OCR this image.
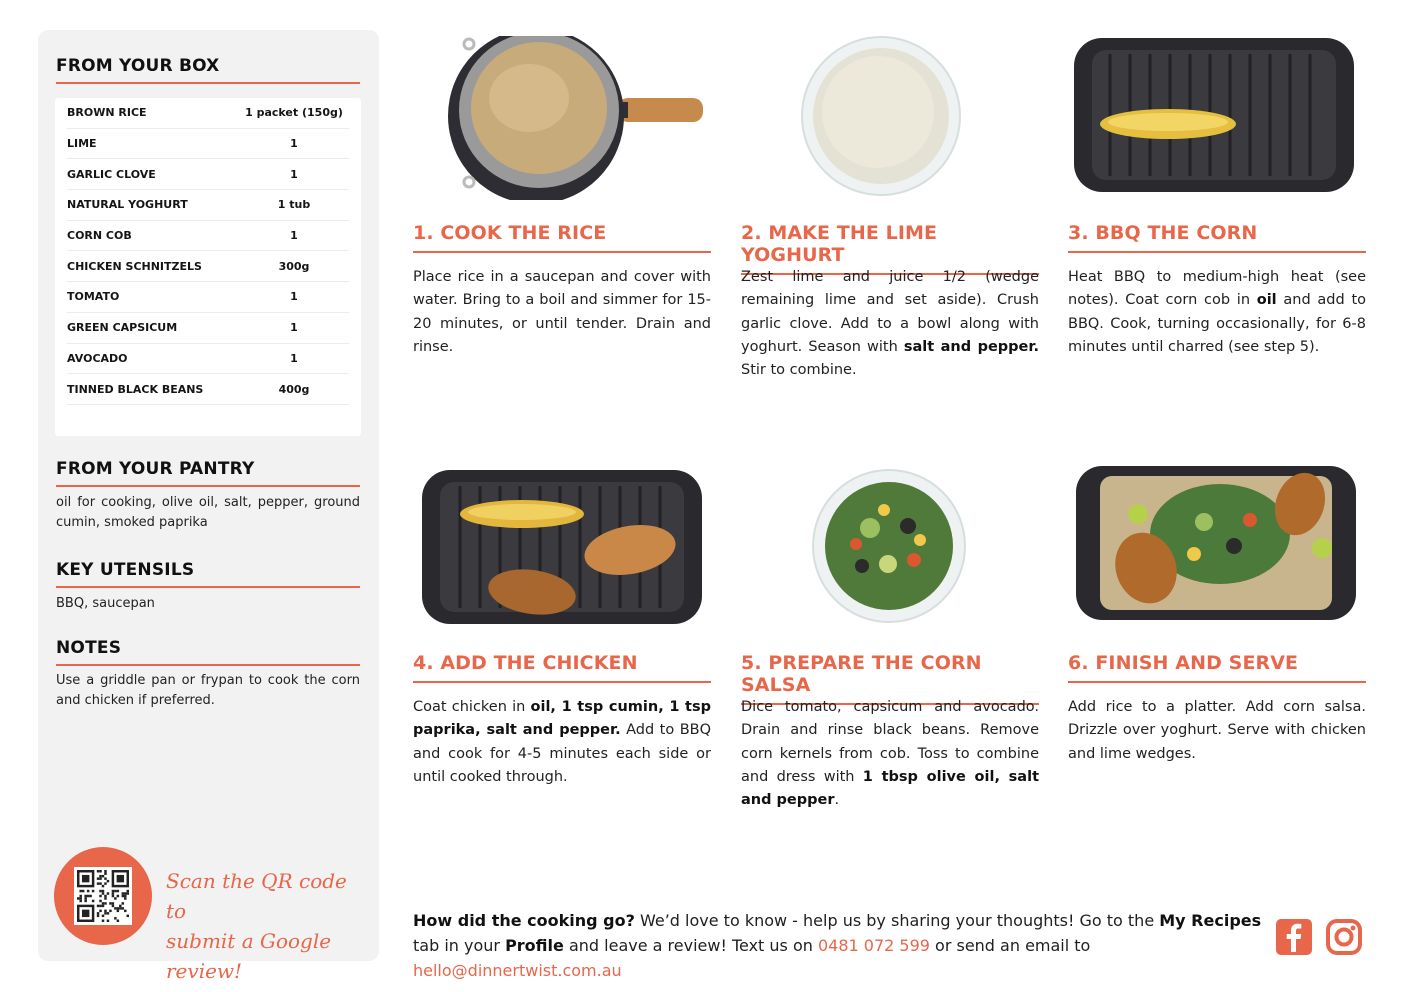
FROM YOUR BOX
BROWN RICE	1 packet (150g)
LIME	1
GARLIC CLOVE	1
NATURAL YOGHURT	1 tub
CORN COB	1
CHICKEN SCHNITZELS	300g
TOMATO	1
GREEN CAPSICUM	1
AVOCADO	1
TINNED BLACK BEANS	400g
FROM YOUR PANTRY
oil for cooking, olive oil, salt, pepper, ground cumin, smoked paprika
KEY UTENSILS
BBQ, saucepan
NOTES
Use a griddle pan or frypan to cook the corn and chicken if preferred.
Scan the QR code to
submit a Google review!
1. COOK THE RICE
Place rice in a saucepan and cover with water. Bring to a boil and simmer for 15-20 minutes, or until tender. Drain and rinse.
2. MAKE THE LIME YOGHURT
Zest lime and juice 1/2 (wedge remaining lime and set aside). Crush garlic clove. Add to a bowl along with yoghurt. Season with salt and pepper. Stir to combine.
3. BBQ THE CORN
Heat BBQ to medium-high heat (see notes). Coat corn cob in oil and add to BBQ. Cook, turning occasionally, for 6-8 minutes until charred (see step 5).
4. ADD THE CHICKEN
Coat chicken in oil, 1 tsp cumin, 1 tsp paprika, salt and pepper. Add to BBQ and cook for 4-5 minutes each side or until cooked through.
5. PREPARE THE CORN SALSA
Dice tomato, capsicum and avocado. Drain and rinse black beans. Remove corn kernels from cob. Toss to combine and dress with 1 tbsp olive oil, salt and pepper.
6. FINISH AND SERVE
Add rice to a platter. Add corn salsa. Drizzle over yoghurt. Serve with chicken and lime wedges.
How did the cooking go? We’d love to know - help us by sharing your thoughts! Go to the My Recipes tab in your Profile and leave a review! Text us on 0481 072 599 or send an email to hello@dinnertwist.com.au
